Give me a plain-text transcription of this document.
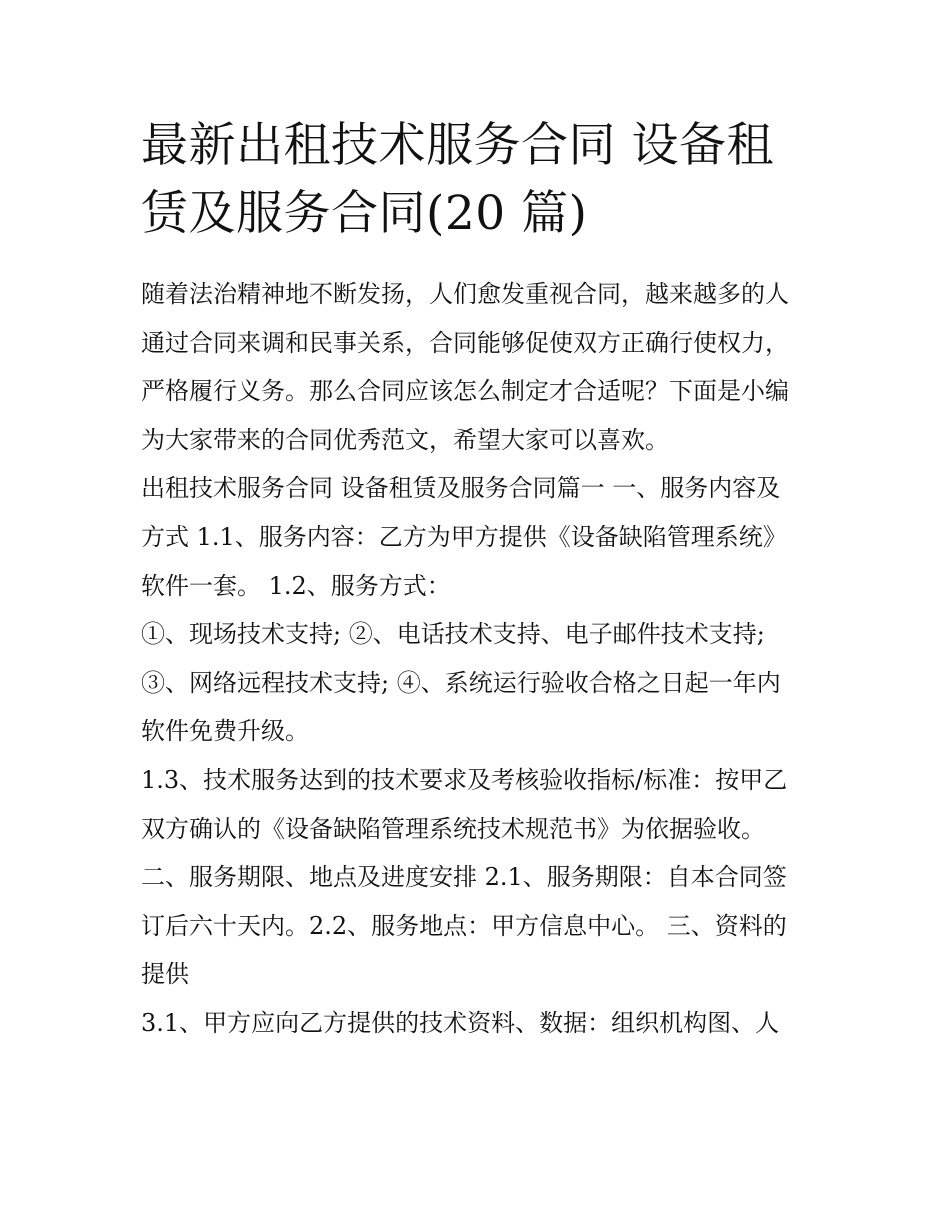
最新出租技术服务合同 设备租
赁及服务合同(20 篇)

随着法治精神地不断发扬，人们愈发重视合同，越来越多的人
通过合同来调和民事关系，合同能够促使双方正确行使权力，
严格履行义务。那么合同应该怎么制定才合适呢？下面是小编
为大家带来的合同优秀范文，希望大家可以喜欢。

出租技术服务合同 设备租赁及服务合同篇一 一、服务内容及
方式 1.1、服务内容：乙方为甲方提供《设备缺陷管理系统》
软件一套。 1.2、服务方式：

①、现场技术支持; ②、电话技术支持、电子邮件技术支持;
③、网络远程技术支持; ④、系统运行验收合格之日起一年内
软件免费升级。

1.3、技术服务达到的技术要求及考核验收指标/标准：按甲乙
双方确认的《设备缺陷管理系统技术规范书》为依据验收。
二、服务期限、地点及进度安排 2.1、服务期限：自本合同签
订后六十天内。2.2、服务地点：甲方信息中心。 三、资料的
提供

3.1、甲方应向乙方提供的技术资料、数据：组织机构图、人
